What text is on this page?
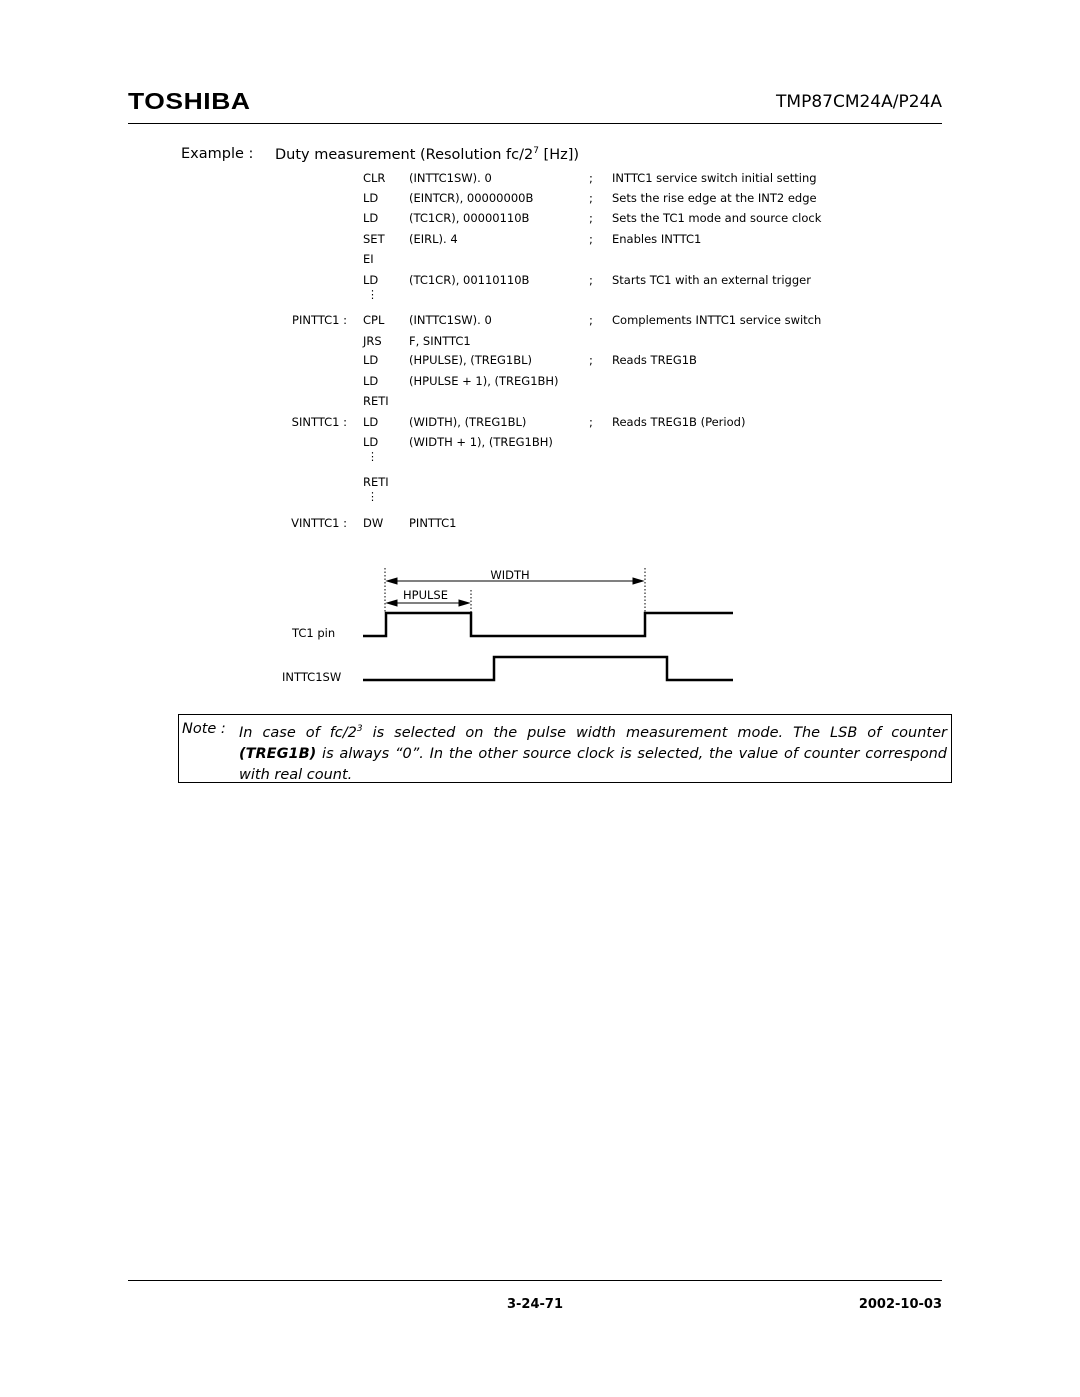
TOSHIBA	TMP87CM24A/P24A
Example : Duty measurement (Resolution $fc/2^7$ [Hz])
CLR (INTTC1SW). 0	; INTTC1 service switch initial setting
LD	(EINTCR), 00000000B	; Sets the rise edge at the INT2 edge
LD	(TC1CR), 00000110B	; Sets the TC1 mode and source clock
SET (EIRL). 4	; Enables INTTC1
EI
LD	(TC1CR), 00110110B	; Starts TC1 with an external trigger
⋮
PINTTC1 : CPL (INTTC1SW). 0	; Complements INTTC1 service switch
JRS F, SINTTC1
LD	(HPULSE), (TREG1BL)	; Reads TREG1B
LD	(HPULSE + 1), (TREG1BH)
RETI
SINTTC1 : LD	(WIDTH), (TREG1BL)	; Reads TREG1B (Period)
LD	(WIDTH + 1), (TREG1BH)
⋮
RETI
⋮
VINTTC1 : DW PINTTC1
WIDTH
HPULSE
TC1 pin
INTTC1SW
Note : In case of $fc/2^3$ is selected on the pulse width measurement mode. The LSB of counter (TREG1B) is always “0”. In the other source clock is selected, the value of counter correspond with real count.
3-24-71	2002-10-03
